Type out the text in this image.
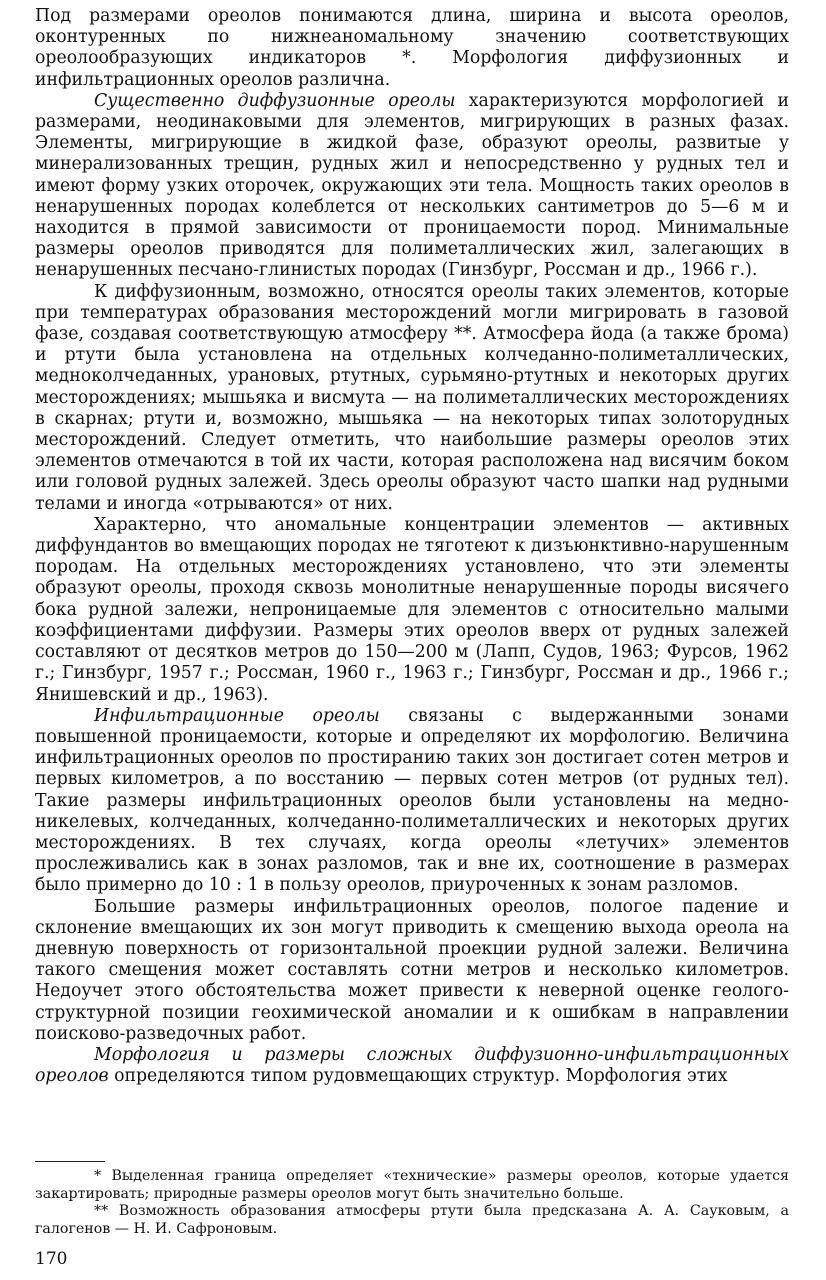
Под размерами ореолов понимаются длина, ширина и высота ореолов, оконтуренных по нижнеаномальному значению соответствующих ореолообразующих индикаторов *. Морфология диффузионных и инфильтрационных ореолов различна.

Существенно диффузионные ореолы характеризуются морфологией и размерами, неодинаковыми для элементов, мигрирующих в разных фазах. Элементы, мигрирующие в жидкой фазе, образуют ореолы, развитые у минерализованных трещин, рудных жил и непосредственно у рудных тел и имеют форму узких оторочек, окружающих эти тела. Мощность таких ореолов в ненарушенных породах колеблется от нескольких сантиметров до 5—6 м и находится в прямой зависимости от проницаемости пород. Минимальные размеры ореолов приводятся для полиметаллических жил, залегающих в ненарушенных песчано-глинистых породах (Гинзбург, Россман и др., 1966 г.).

К диффузионным, возможно, относятся ореолы таких элементов, которые при температурах образования месторождений могли мигрировать в газовой фазе, создавая соответствующую атмосферу **. Атмосфера йода (а также брома) и ртути была установлена на отдельных колчеданно-полиметаллических, медноколчеданных, урановых, ртутных, сурьмяно-ртутных и некоторых других месторождениях; мышьяка и висмута — на полиметаллических месторождениях в скарнах; ртути и, возможно, мышьяка — на некоторых типах золоторудных месторождений. Следует отметить, что наибольшие размеры ореолов этих элементов отмечаются в той их части, которая расположена над висячим боком или головой рудных залежей. Здесь ореолы образуют часто шапки над рудными телами и иногда «отрываются» от них.

Характерно, что аномальные концентрации элементов — активных диффундантов во вмещающих породах не тяготеют к дизъюнктивно-нарушенным породам. На отдельных месторождениях установлено, что эти элементы образуют ореолы, проходя сквозь монолитные ненарушенные породы висячего бока рудной залежи, непроницаемые для элементов с относительно малыми коэффициентами диффузии. Размеры этих ореолов вверх от рудных залежей составляют от десятков метров до 150—200 м (Лапп, Судов, 1963; Фурсов, 1962 г.; Гинзбург, 1957 г.; Россман, 1960 г., 1963 г.; Гинзбург, Россман и др., 1966 г.; Янишевский и др., 1963).

Инфильтрационные ореолы связаны с выдержанными зонами повышенной проницаемости, которые и определяют их морфологию. Величина инфильтрационных ореолов по простиранию таких зон достигает сотен метров и первых километров, а по восстанию — первых сотен метров (от рудных тел). Такие размеры инфильтрационных ореолов были установлены на медно-никелевых, колчеданных, колчеданно-полиметаллических и некоторых других месторождениях. В тех случаях, когда ореолы «летучих» элементов прослеживались как в зонах разломов, так и вне их, соотношение в размерах было примерно до 10 : 1 в пользу ореолов, приуроченных к зонам разломов.

Большие размеры инфильтрационных ореолов, пологое падение и склонение вмещающих их зон могут приводить к смещению выхода ореола на дневную поверхность от горизонтальной проекции рудной залежи. Величина такого смещения может составлять сотни метров и несколько километров. Недоучет этого обстоятельства может привести к неверной оценке геолого-структурной позиции геохимической аномалии и к ошибкам в направлении поисково-разведочных работ.

Морфология и размеры сложных диффузионно-инфильтрационных ореолов определяются типом рудовмещающих структур. Морфология этих

* Выделенная граница определяет «технические» размеры ореолов, которые удается закартировать; природные размеры ореолов могут быть значительно больше.

** Возможность образования атмосферы ртути была предсказана А. А. Сауковым, а галогенов — Н. И. Сафроновым.

170
